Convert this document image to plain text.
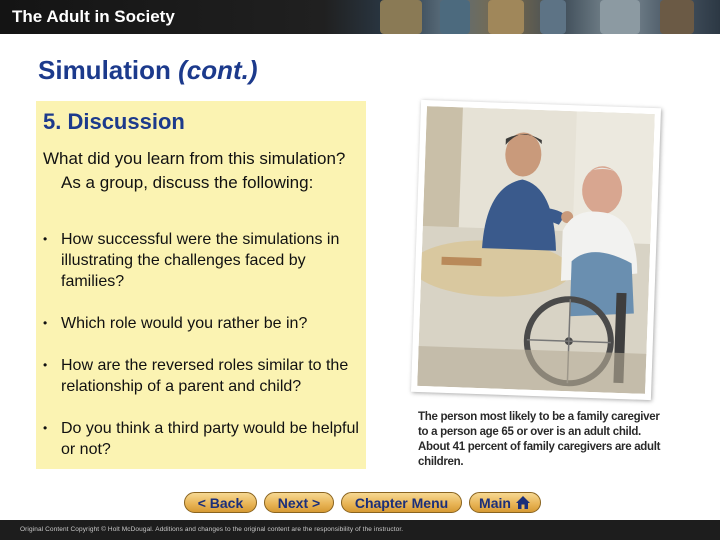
The Adult in Society
Simulation (cont.)
5. Discussion
What did you learn from this simulation? As a group, discuss the following:
• How successful were the simulations in illustrating the challenges faced by families?
• Which role would you rather be in?
• How are the reversed roles similar to the relationship of a parent and child?
• Do you think a third party would be helpful or not?
The person most likely to be a family caregiver to a person age 65 or over is an adult child. About 41 percent of family caregivers are adult children.
< Back	Next >	Chapter Menu	Main
Original Content Copyright © Holt McDougal. Additions and changes to the original content are the responsibility of the instructor.
